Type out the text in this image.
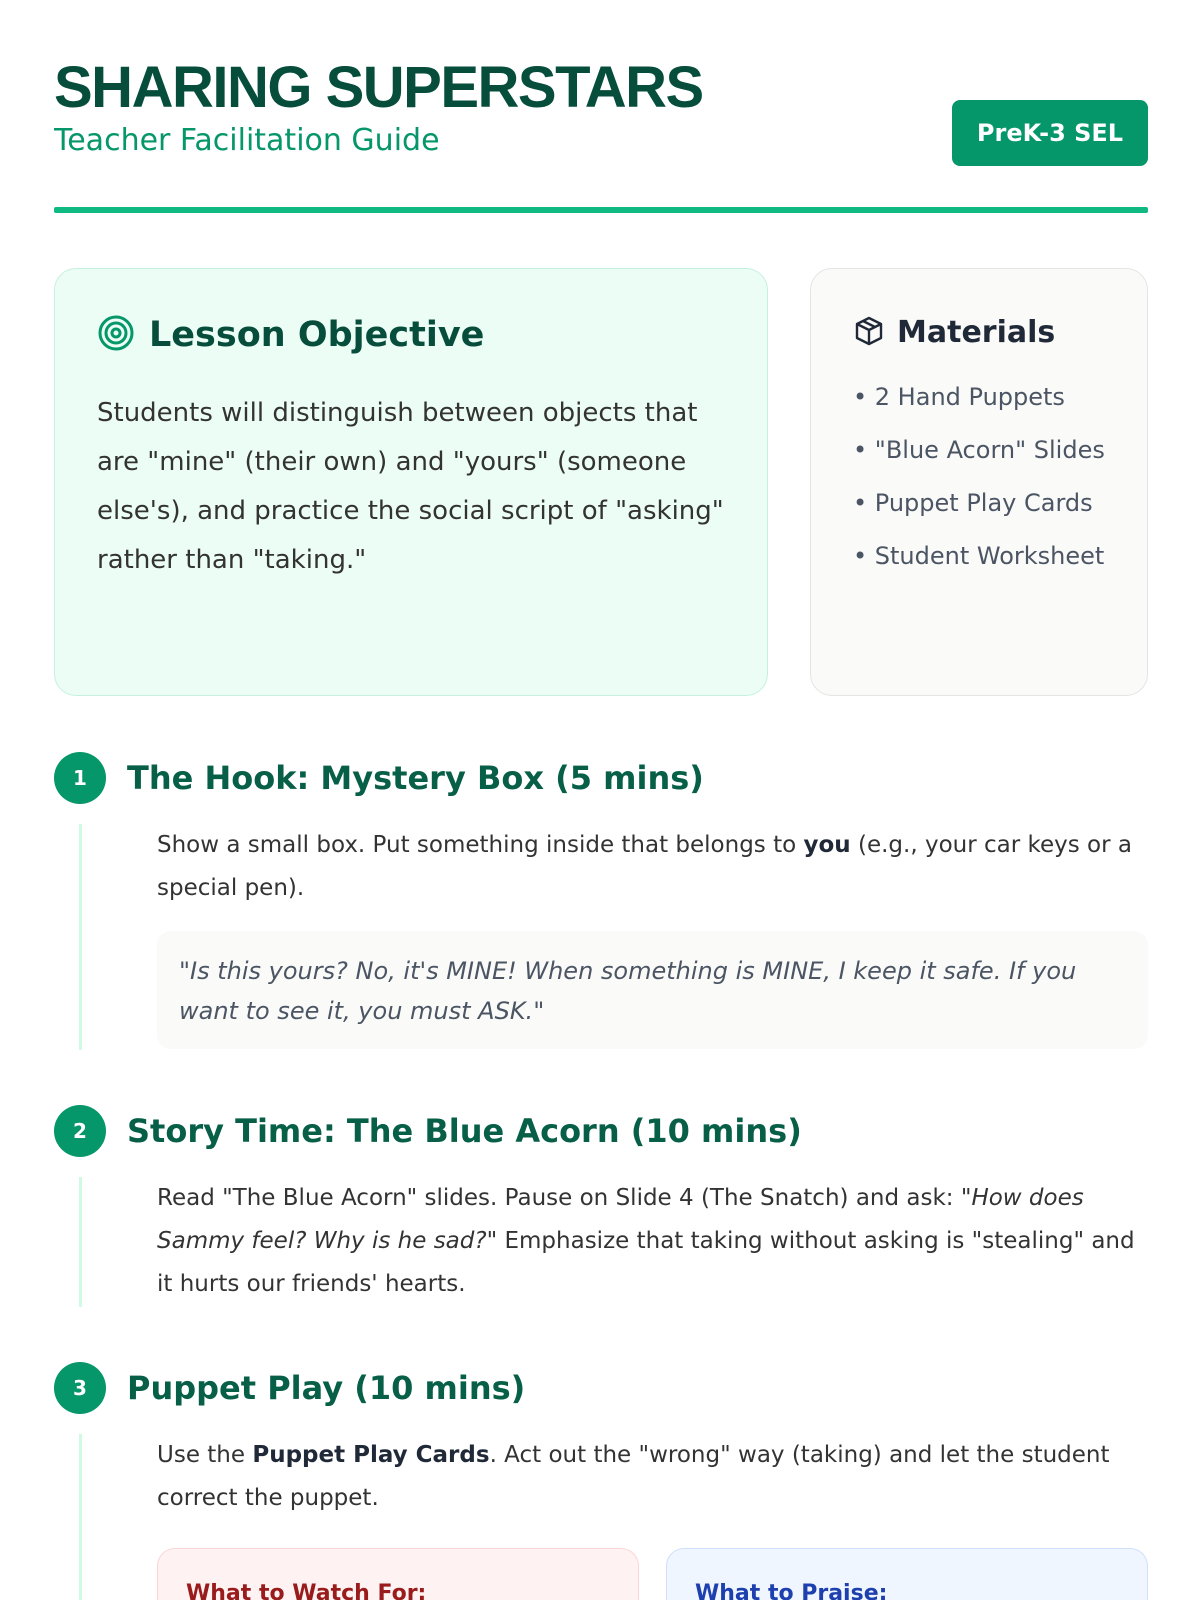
SHARING SUPERSTARS
Teacher Facilitation Guide	PreK-3 SEL
Lesson Objective

Students will distinguish between objects that are "mine" (their own) and "yours" (someone else's), and practice the social script of "asking" rather than "taking."

Materials
• 2 Hand Puppets
• "Blue Acorn" Slides
• Puppet Play Cards
• Student Worksheet
1	The Hook: Mystery Box (5 mins)

Show a small box. Put something inside that belongs to you (e.g., your car keys or a special pen).

"Is this yours? No, it's MINE! When something is MINE, I keep it safe. If you want to see it, you must ASK."
2	Story Time: The Blue Acorn (10 mins)

Read "The Blue Acorn" slides. Pause on Slide 4 (The Snatch) and ask: "How does Sammy feel? Why is he sad?" Emphasize that taking without asking is "stealing" and it hurts our friends' hearts.

3	Puppet Play (10 mins)

Use the Puppet Play Cards. Act out the "wrong" way (taking) and let the student correct the puppet.

What to Watch For:	What to Praise:
